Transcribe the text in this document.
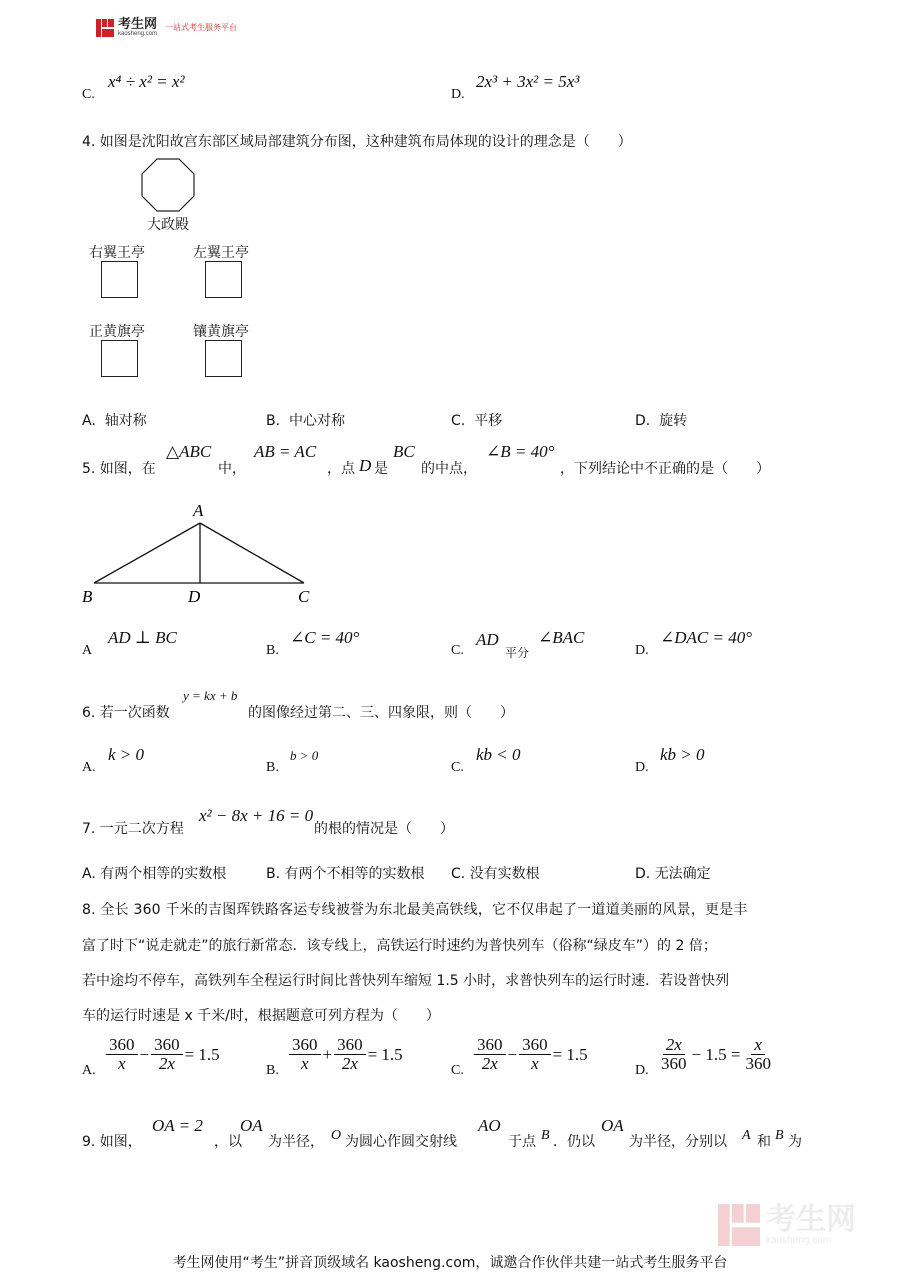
考生网
kaosheng.com
一站式考生服务平台
C.
x⁴ ÷ x² = x²
D.
2x³ + 3x² = 5x³
4. 如图是沈阳故宫东部区域局部建筑分布图，这种建筑布局体现的设计的理念是（　　）
大政殿
右翼王亭	左翼王亭
正黄旗亭	镶黄旗亭
A. 轴对称	B. 中心对称	C. 平移	D. 旋转
5. 如图，在
△ABC
中，
AB = AC
，点 D 是
BC
的中点，
∠B = 40°
，下列结论中不正确的是（　　）
A
B	D	C
A
AD ⊥ BC
B.
∠C = 40°
C.
AD
平分
∠BAC
D.
∠DAC = 40°
6. 若一次函数
y = kx + b
的图像经过第二、三、四象限，则（　　）
A.
k > 0
B.
b > 0
C.
kb < 0
D.
kb > 0
7. 一元二次方程
x² − 8x + 16 = 0
的根的情况是（　　）
A. 有两个相等的实数根	B. 有两个不相等的实数根 C. 没有实数根	D. 无法确定
8. 全长 360 千米的吉图珲铁路客运专线被誉为东北最美高铁线，它不仅串起了一道道美丽的风景，更是丰
富了时下“说走就走”的旅行新常态．该专线上，高铁运行时速约为普快列车（俗称“绿皮车”）的 2 倍；
若中途均不停车，高铁列车全程运行时间比普快列车缩短 1.5 小时，求普快列车的运行时速．若设普快列
车的运行时速是 x 千米/时，根据题意可列方程为（　　）
A. $\frac{360}{x} - \frac{360}{2x} = 1.5$
B. $\frac{360}{x} + \frac{360}{2x} = 1.5$
C. $\frac{360}{2x} - \frac{360}{x} = 1.5$
D. $\frac{2x}{360} - 1.5 = \frac{x}{360}$
9. 如图，
OA = 2
，以
OA
为半径， O 为圆心作圆交射线
AO
于点 B ．仍以
OA
为半径，分别以 A 和 B 为
考生网
kaosheng.com
考生网使用“考生”拼音顶级域名 kaosheng.com，诚邀合作伙伴共建一站式考生服务平台
